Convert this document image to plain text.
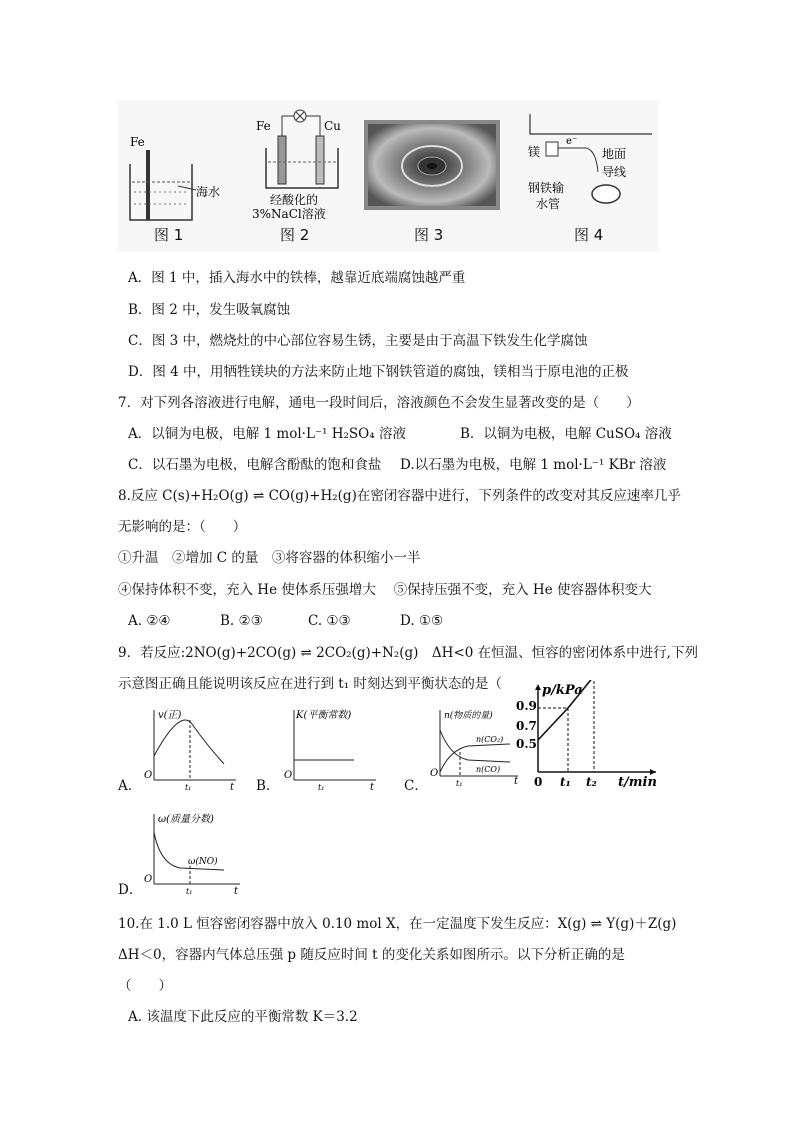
Fe
海水
图 1
Fe	Cu
经酸化的
3%NaCl溶液
图 2	图 3
镁
e⁻
地面
导线
钢铁输
水管
图 4
A．图 1 中，插入海水中的铁棒，越靠近底端腐蚀越严重
B．图 2 中，发生吸氧腐蚀
C．图 3 中，燃烧灶的中心部位容易生锈，主要是由于高温下铁发生化学腐蚀
D．图 4 中，用牺牲镁块的方法来防止地下钢铁管道的腐蚀，镁相当于原电池的正极
7．对下列各溶液进行电解，通电一段时间后，溶液颜色不会发生显著改变的是（　　）
A．以铜为电极，电解 1 mol·L⁻¹ H₂SO₄ 溶液	B．以铜为电极，电解 CuSO₄ 溶液
C．以石墨为电极，电解含酚酞的饱和食盐 D.以石墨为电极，电解 1 mol·L⁻¹ KBr 溶液
8.反应 C(s)+H₂O(g) ⇌ CO(g)+H₂(g)在密闭容器中进行，下列条件的改变对其反应速率几乎
无影响的是：（　　）
①升温　②增加 C 的量　③将容器的体积缩小一半
④保持体积不变，充入 He 使体系压强增大　 ⑤保持压强不变，充入 He 使容器体积变大
A. ②④	B. ②③	C. ①③	D. ①⑤
9．若反应:2NO(g)+2CO(g) ⇌ 2CO₂(g)+N₂(g)　ΔH<0 在恒温、恒容的密闭体系中进行,下列
示意图正确且能说明该反应在进行到 t₁ 时刻达到平衡状态的是（
A．
v(正)
O
t
t₁	B．
K(平衡常数)
O
t
t₁	C．
n(物质的量)
O
t
t₁
n(CO₂)
n(CO)
p/kPa
t/min
0
0.9
0.7
0.5
t₁ t₂
D．
ω(质量分数)
O
t
t₁
ω(NO)
10.在 1.0 L 恒容密闭容器中放入 0.10 mol X，在一定温度下发生反应：X(g) ⇌ Y(g)＋Z(g)
ΔH＜0，容器内气体总压强 p 随反应时间 t 的变化关系如图所示。以下分析正确的是
（　　）
A. 该温度下此反应的平衡常数 K＝3.2
